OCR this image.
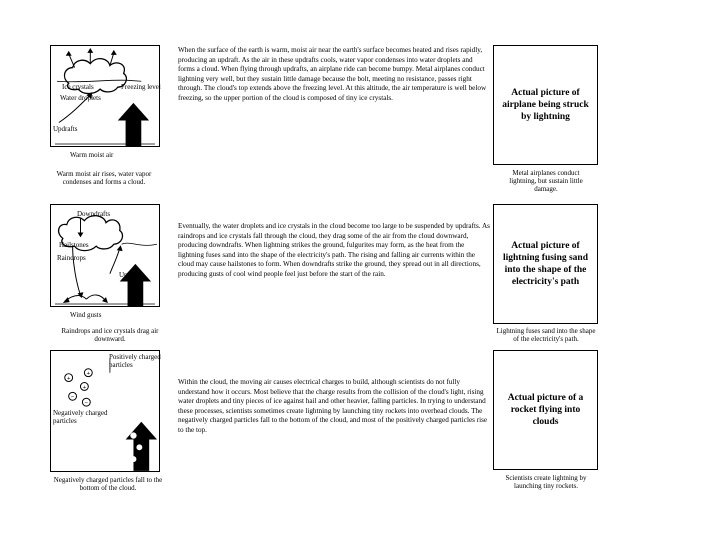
Ice crystals
Water droplets
Freezing level
Updrafts
Warm moist air
Warm moist air rises, water vapor condenses and forms a cloud.
When the surface of the earth is warm, moist air near the earth's surface becomes heated and rises rapidly, producing an updraft. As the air in these updrafts cools, water vapor condenses into water droplets and forms a cloud. When flying through updrafts, an airplane ride can become bumpy. Metal airplanes conduct lightning very well, but they sustain little damage because the bolt, meeting no resistance, passes right through. The cloud's top extends above the freezing level. At this altitude, the air temperature is well below freezing, so the upper portion of the cloud is composed of tiny ice crystals.	Actual picture of airplane being struck by lightning
Metal airplanes conduct lightning, but sustain little damage.
Downdrafts
Hailstones
Raindrops
Updrafts
Wind gusts
Raindrops and ice crystals drag air downward.
Eventually, the water droplets and ice crystals in the cloud become too large to be suspended by updrafts. As raindrops and ice crystals fall through the cloud, they drag some of the air from the cloud downward, producing downdrafts. When lightning strikes the ground, fulgurites may form, as the heat from the lightning fuses sand into the shape of the electricity's path. The rising and falling air currents within the cloud may cause hailstones to form. When downdrafts strike the ground, they spread out in all directions, producing gusts of cool wind people feel just before the start of the rain.
Actual picture of lightning fusing sand into the shape of the electricity's path
Lightning fuses sand into the shape of the electricity's path.
+
+
+
−
−
Positively charged particles
Negatively charged particles
Negatively charged particles fall to the bottom of the cloud.
Within the cloud, the moving air causes electrical charges to build, although scientists do not fully understand how it occurs. Most believe that the charge results from the collision of the cloud's light, rising water droplets and tiny pieces of ice against hail and other heavier, falling particles. In trying to understand these processes, scientists sometimes create lightning by launching tiny rockets into overhead clouds. The negatively charged particles fall to the bottom of the cloud, and most of the positively charged particles rise to the top.
Actual picture of a rocket flying into clouds
Scientists create lightning by launching tiny rockets.
